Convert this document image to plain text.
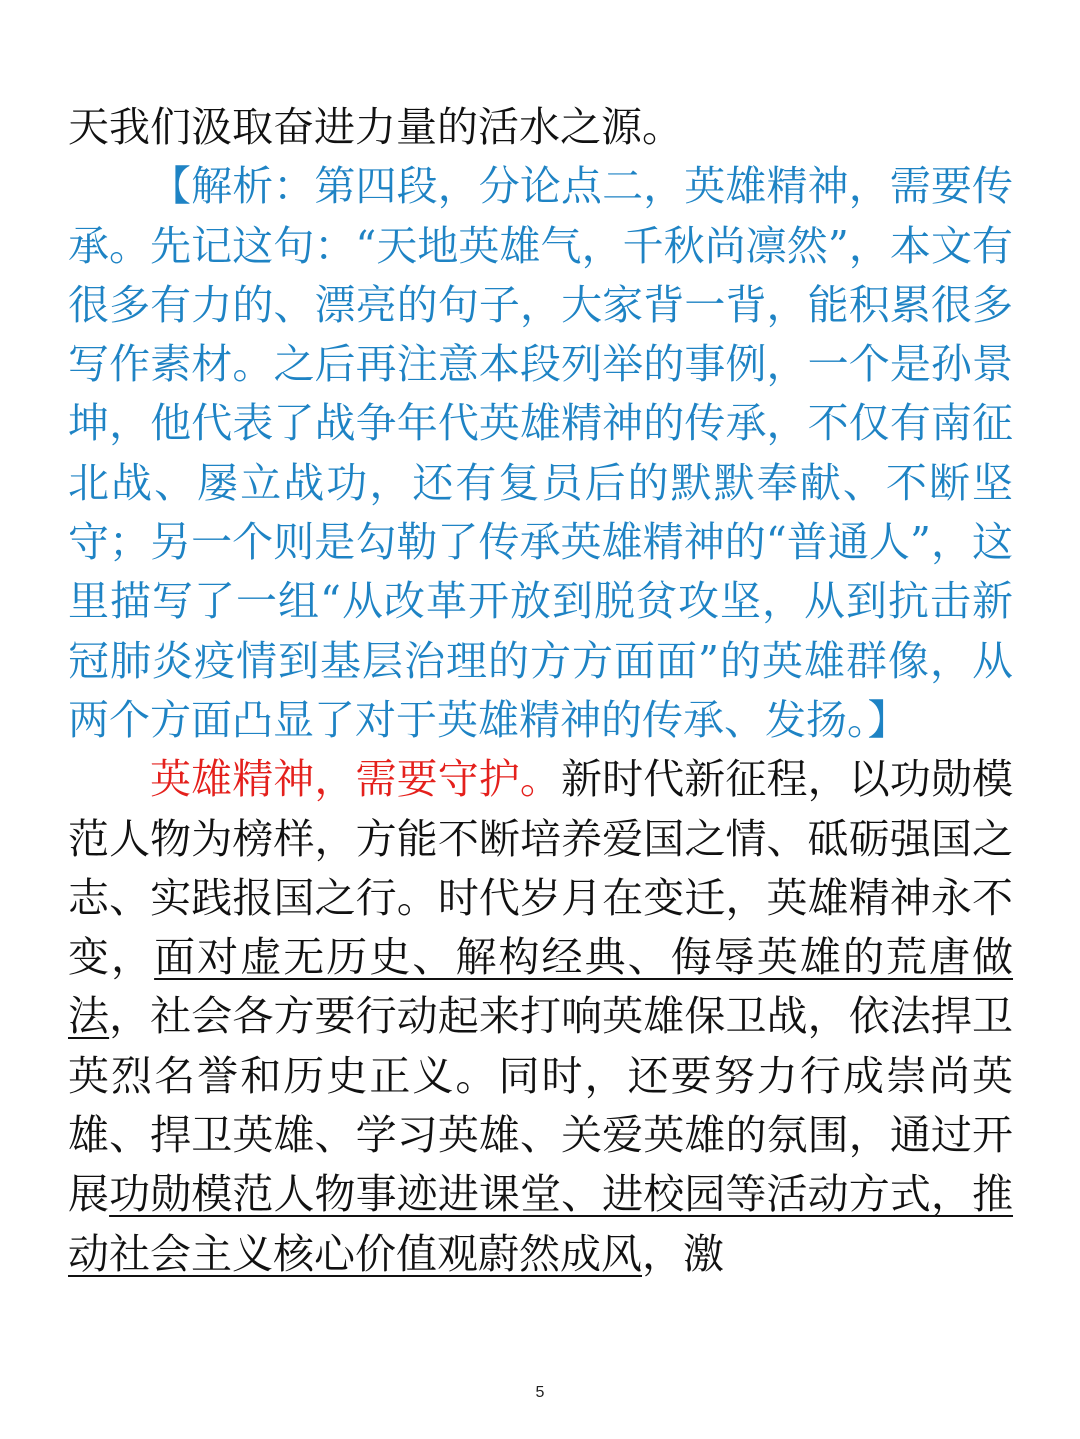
天我们汲取奋进力量的活水之源。

【解析：第四段，分论点二，英雄精神，需要传承。先记这句：“天地英雄气，千秋尚凛然”，本文有很多有力的、漂亮的句子，大家背一背，能积累很多写作素材。之后再注意本段列举的事例，一个是孙景坤，他代表了战争年代英雄精神的传承，不仅有南征北战、屡立战功，还有复员后的默默奉献、不断坚守；另一个则是勾勒了传承英雄精神的“普通人”，这里描写了一组“从改革开放到脱贫攻坚，从到抗击新冠肺炎疫情到基层治理的方方面面”的英雄群像，从两个方面凸显了对于英雄精神的传承、发扬。】

英雄精神，需要守护。新时代新征程，以功勋模范人物为榜样，方能不断培养爱国之情、砥砺强国之志、实践报国之行。时代岁月在变迁，英雄精神永不变，面对虚无历史、解构经典、侮辱英雄的荒唐做法，社会各方要行动起来打响英雄保卫战，依法捍卫英烈名誉和历史正义。同时，还要努力行成崇尚英雄、捍卫英雄、学习英雄、关爱英雄的氛围，通过开展功勋模范人物事迹进课堂、进校园等活动方式，推动社会主义核心价值观蔚然成风，激

5
